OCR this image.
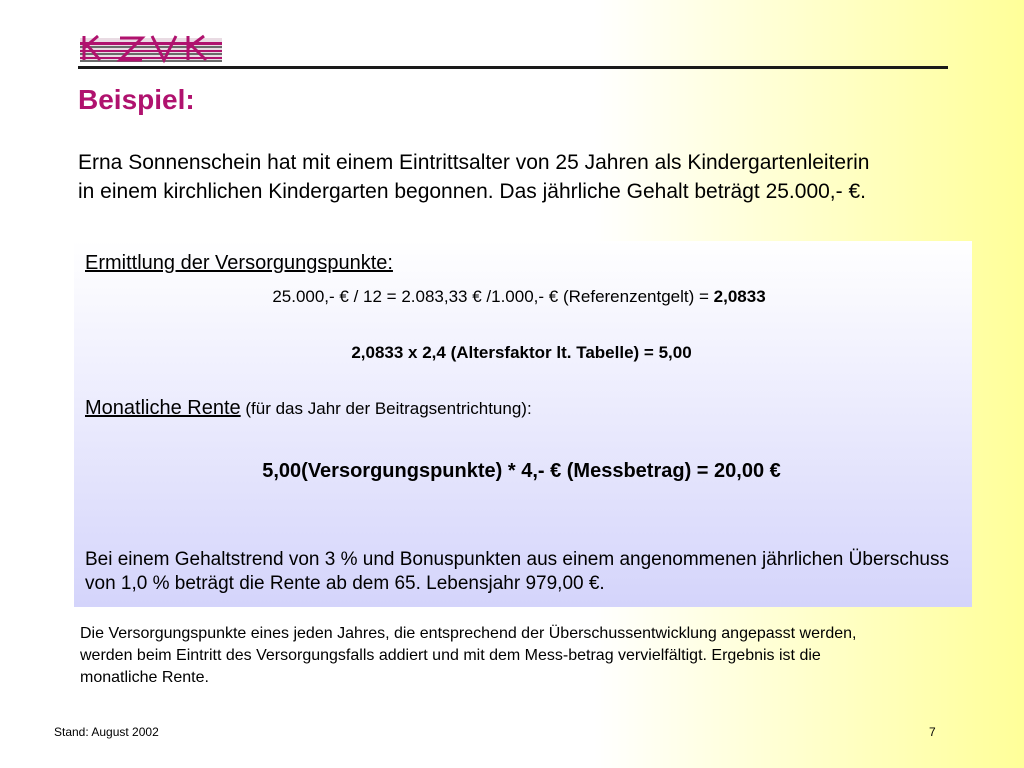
Beispiel:
Erna Sonnenschein hat mit einem Eintrittsalter von 25 Jahren als Kindergartenleiterin in einem kirchlichen Kindergarten begonnen. Das jährliche Gehalt beträgt 25.000,- €.
Ermittlung der Versorgungspunkte:
25.000,- € / 12 = 2.083,33 € /1.000,- € (Referenzentgelt) = 2,0833
2,0833 x 2,4 (Altersfaktor lt. Tabelle) = 5,00
Monatliche Rente (für das Jahr der Beitragsentrichtung):
5,00(Versorgungspunkte) * 4,- € (Messbetrag) = 20,00 €
Bei einem Gehaltstrend von 3 % und Bonuspunkten aus einem angenommenen jährlichen Überschuss von 1,0 % beträgt die Rente ab dem 65. Lebensjahr 979,00 €.
Die Versorgungspunkte eines jeden Jahres, die entsprechend der Überschussentwicklung angepasst werden, werden beim Eintritt des Versorgungsfalls addiert und mit dem Mess-betrag vervielfältigt. Ergebnis ist die monatliche Rente.
Stand: August 2002	7
